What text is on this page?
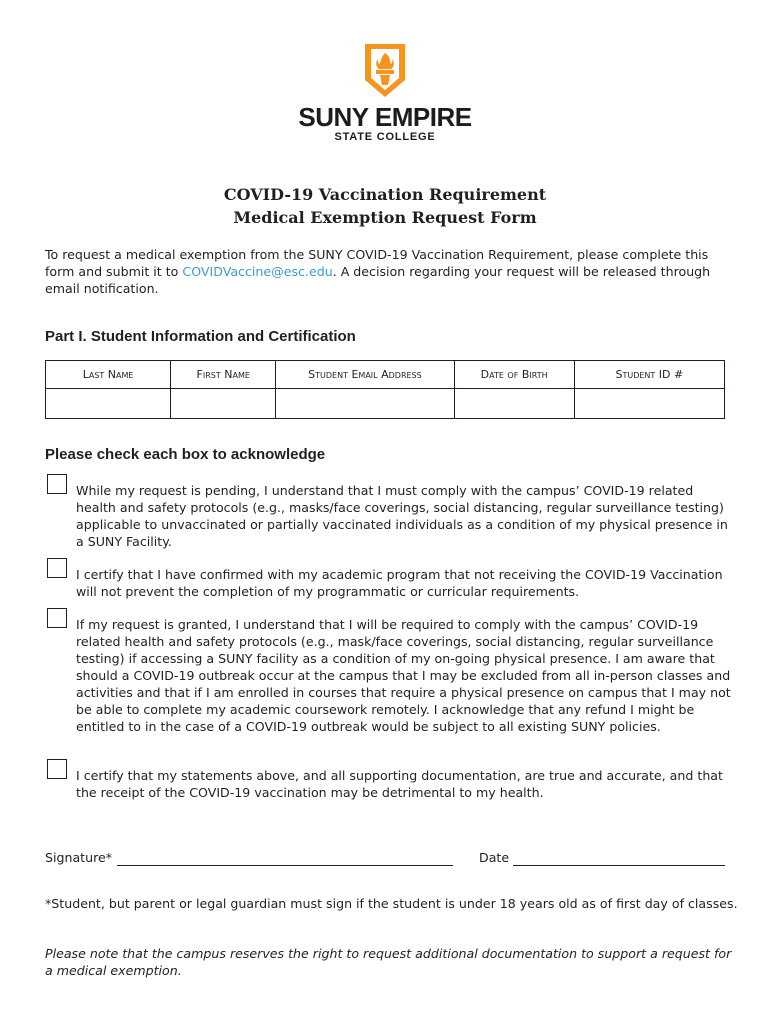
SUNY EMPIRE
STATE COLLEGE
COVID-19 Vaccination Requirement
Medical Exemption Request Form
To request a medical exemption from the SUNY COVID-19 Vaccination Requirement, please complete this form and submit it to COVIDVaccine@esc.edu. A decision regarding your request will be released through email notification.
Part I. Student Information and Certification
Last Name	First Name	Student Email Address	Date of Birth	Student ID #

Please check each box to acknowledge
While my request is pending, I understand that I must comply with the campus’ COVID-19 related health and safety protocols (e.g., masks/face coverings, social distancing, regular surveillance testing) applicable to unvaccinated or partially vaccinated individuals as a condition of my physical presence in a SUNY Facility.
I certify that I have confirmed with my academic program that not receiving the COVID-19 Vaccination will not prevent the completion of my programmatic or curricular requirements.
If my request is granted, I understand that I will be required to comply with the campus’ COVID-19 related health and safety protocols (e.g., mask/face coverings, social distancing, regular surveillance testing) if accessing a SUNY facility as a condition of my on-going physical presence. I am aware that should a COVID-19 outbreak occur at the campus that I may be excluded from all in-person classes and activities and that if I am enrolled in courses that require a physical presence on campus that I may not be able to complete my academic coursework remotely. I acknowledge that any refund I might be entitled to in the case of a COVID-19 outbreak would be subject to all existing SUNY policies.
I certify that my statements above, and all supporting documentation, are true and accurate, and that the receipt of the COVID-19 vaccination may be detrimental to my health.
Signature*	Date
*Student, but parent or legal guardian must sign if the student is under 18 years old as of first day of classes.
Please note that the campus reserves the right to request additional documentation to support a request for a medical exemption.
